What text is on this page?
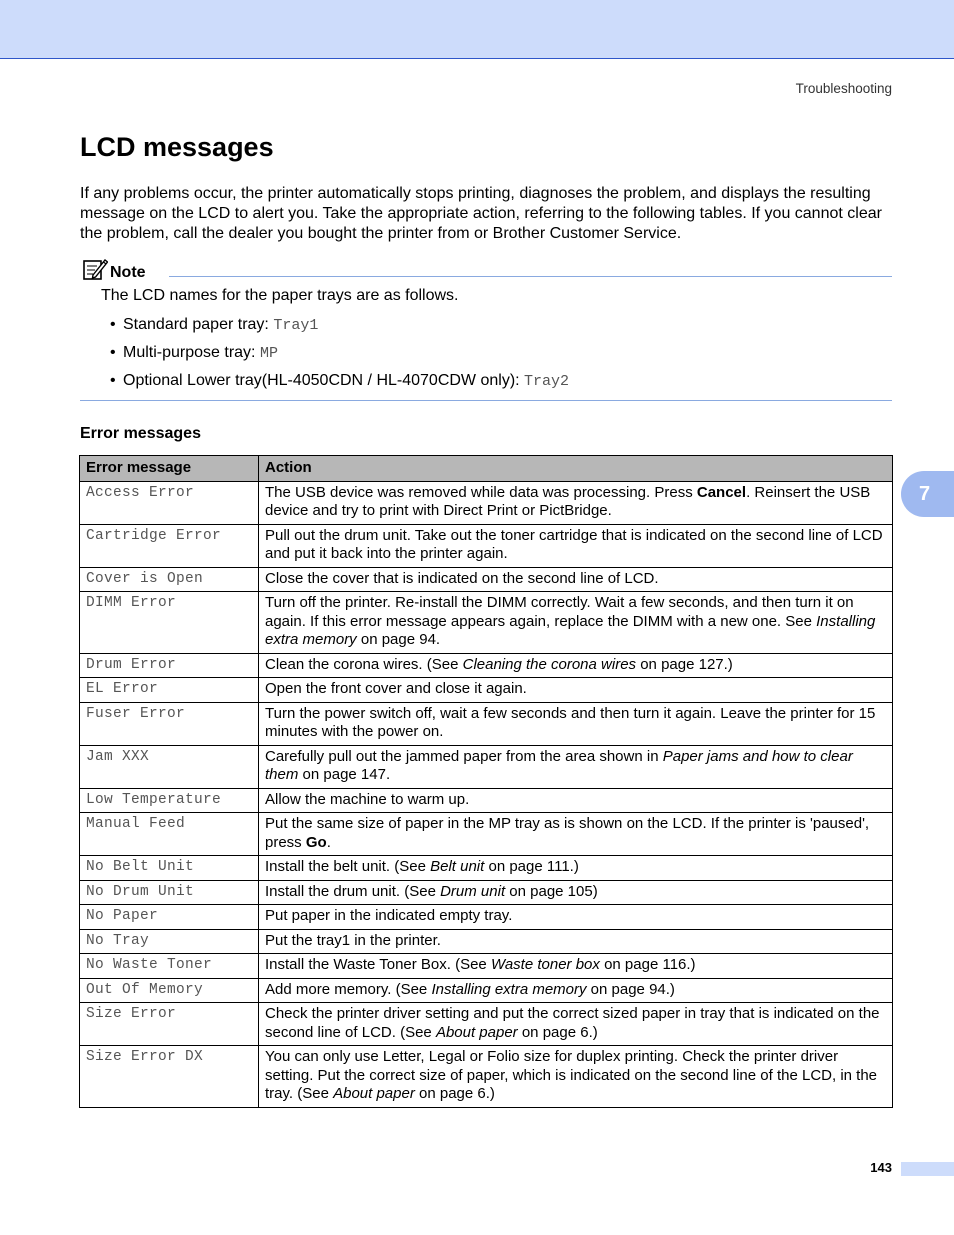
Troubleshooting
LCD messages

If any problems occur, the printer automatically stops printing, diagnoses the problem, and displays the resulting message on the LCD to alert you. Take the appropriate action, referring to the following tables. If you cannot clear the problem, call the dealer you bought the printer from or Brother Customer Service.

Note

The LCD names for the paper trays are as follows.

• Standard paper tray: Tray1
• Multi-purpose tray: MP
• Optional Lower tray(HL-4050CDN / HL-4070CDW only): Tray2
Error messages
7
Error message	Action
Access Error	The USB device was removed while data was processing. Press Cancel. Reinsert the USB device and try to print with Direct Print or PictBridge.
Cartridge Error	Pull out the drum unit. Take out the toner cartridge that is indicated on the second line of LCD and put it back into the printer again.
Cover is Open	Close the cover that is indicated on the second line of LCD.
DIMM Error	Turn off the printer. Re-install the DIMM correctly. Wait a few seconds, and then turn it on again. If this error message appears again, replace the DIMM with a new one. See Installing extra memory on page 94.
Drum Error	Clean the corona wires. (See Cleaning the corona wires on page 127.)
EL Error	Open the front cover and close it again.
Fuser Error	Turn the power switch off, wait a few seconds and then turn it again. Leave the printer for 15 minutes with the power on.
Jam XXX	Carefully pull out the jammed paper from the area shown in Paper jams and how to clear them on page 147.
Low Temperature	Allow the machine to warm up.
Manual Feed	Put the same size of paper in the MP tray as is shown on the LCD. If the printer is 'paused', press Go.
No Belt Unit	Install the belt unit. (See Belt unit on page 111.)
No Drum Unit	Install the drum unit. (See Drum unit on page 105)
No Paper	Put paper in the indicated empty tray.
No Tray	Put the tray1 in the printer.
No Waste Toner	Install the Waste Toner Box. (See Waste toner box on page 116.)
Out Of Memory	Add more memory. (See Installing extra memory on page 94.)
Size Error	Check the printer driver setting and put the correct sized paper in tray that is indicated on the second line of LCD. (See About paper on page 6.)
Size Error DX	You can only use Letter, Legal or Folio size for duplex printing. Check the printer driver setting. Put the correct size of paper, which is indicated on the second line of the LCD, in the tray. (See About paper on page 6.)
143
